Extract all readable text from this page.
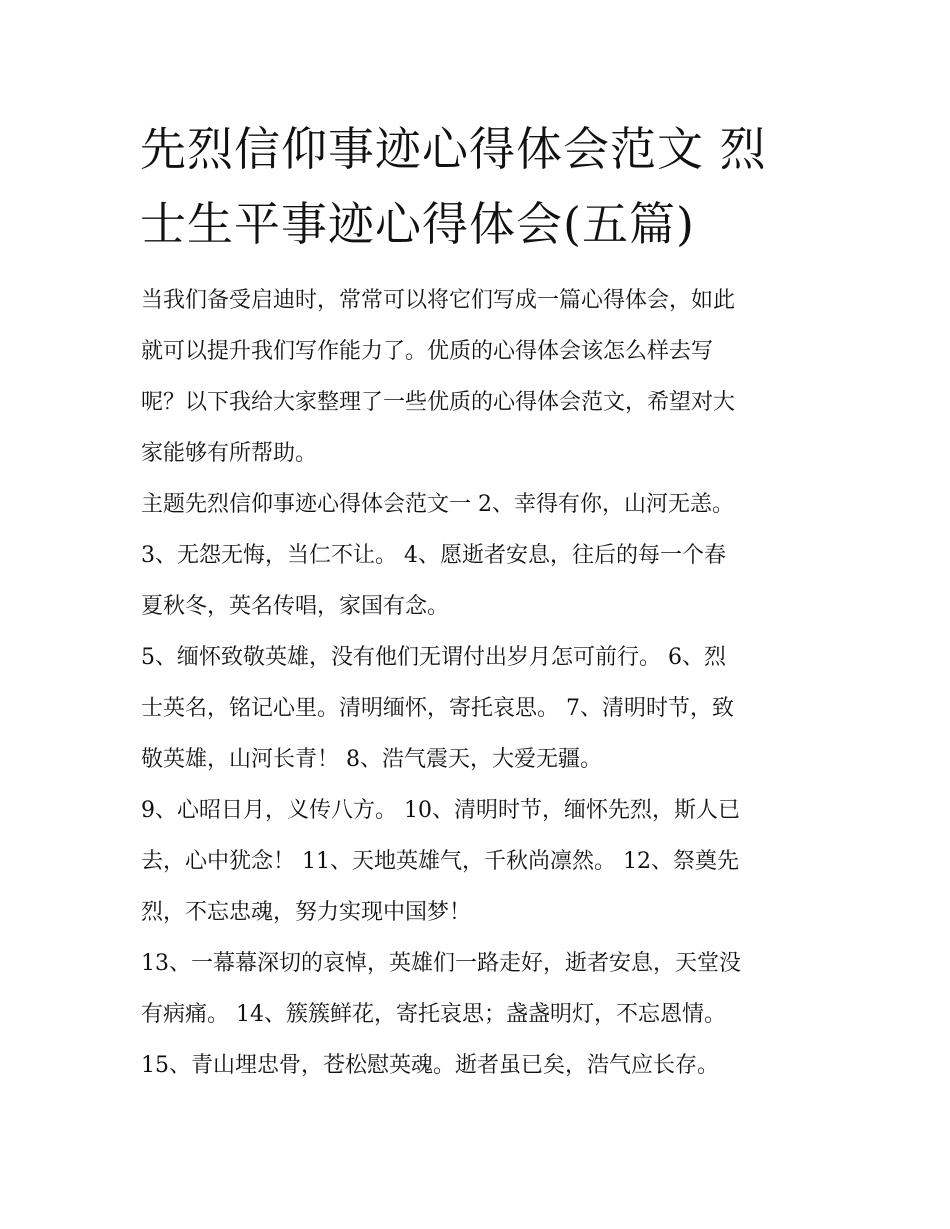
先烈信仰事迹心得体会范文 烈
士生平事迹心得体会(五篇)

当我们备受启迪时，常常可以将它们写成一篇心得体会，如此

就可以提升我们写作能力了。优质的心得体会该怎么样去写

呢？以下我给大家整理了一些优质的心得体会范文，希望对大

家能够有所帮助。

主题先烈信仰事迹心得体会范文一 2、幸得有你，山河无恙。

3、无怨无悔，当仁不让。 4、愿逝者安息，往后的每一个春

夏秋冬，英名传唱，家国有念。

5、缅怀致敬英雄，没有他们无谓付出岁月怎可前行。 6、烈

士英名，铭记心里。清明缅怀，寄托哀思。 7、清明时节，致

敬英雄，山河长青！ 8、浩气震天，大爱无疆。

9、心昭日月，义传八方。 10、清明时节，缅怀先烈，斯人已

去，心中犹念！ 11、天地英雄气，千秋尚凛然。 12、祭奠先

烈，不忘忠魂，努力实现中国梦！

13、一幕幕深切的哀悼，英雄们一路走好，逝者安息，天堂没

有病痛。 14、簇簇鲜花，寄托哀思；盏盏明灯，不忘恩情。

15、青山埋忠骨，苍松慰英魂。逝者虽已矣，浩气应长存。
